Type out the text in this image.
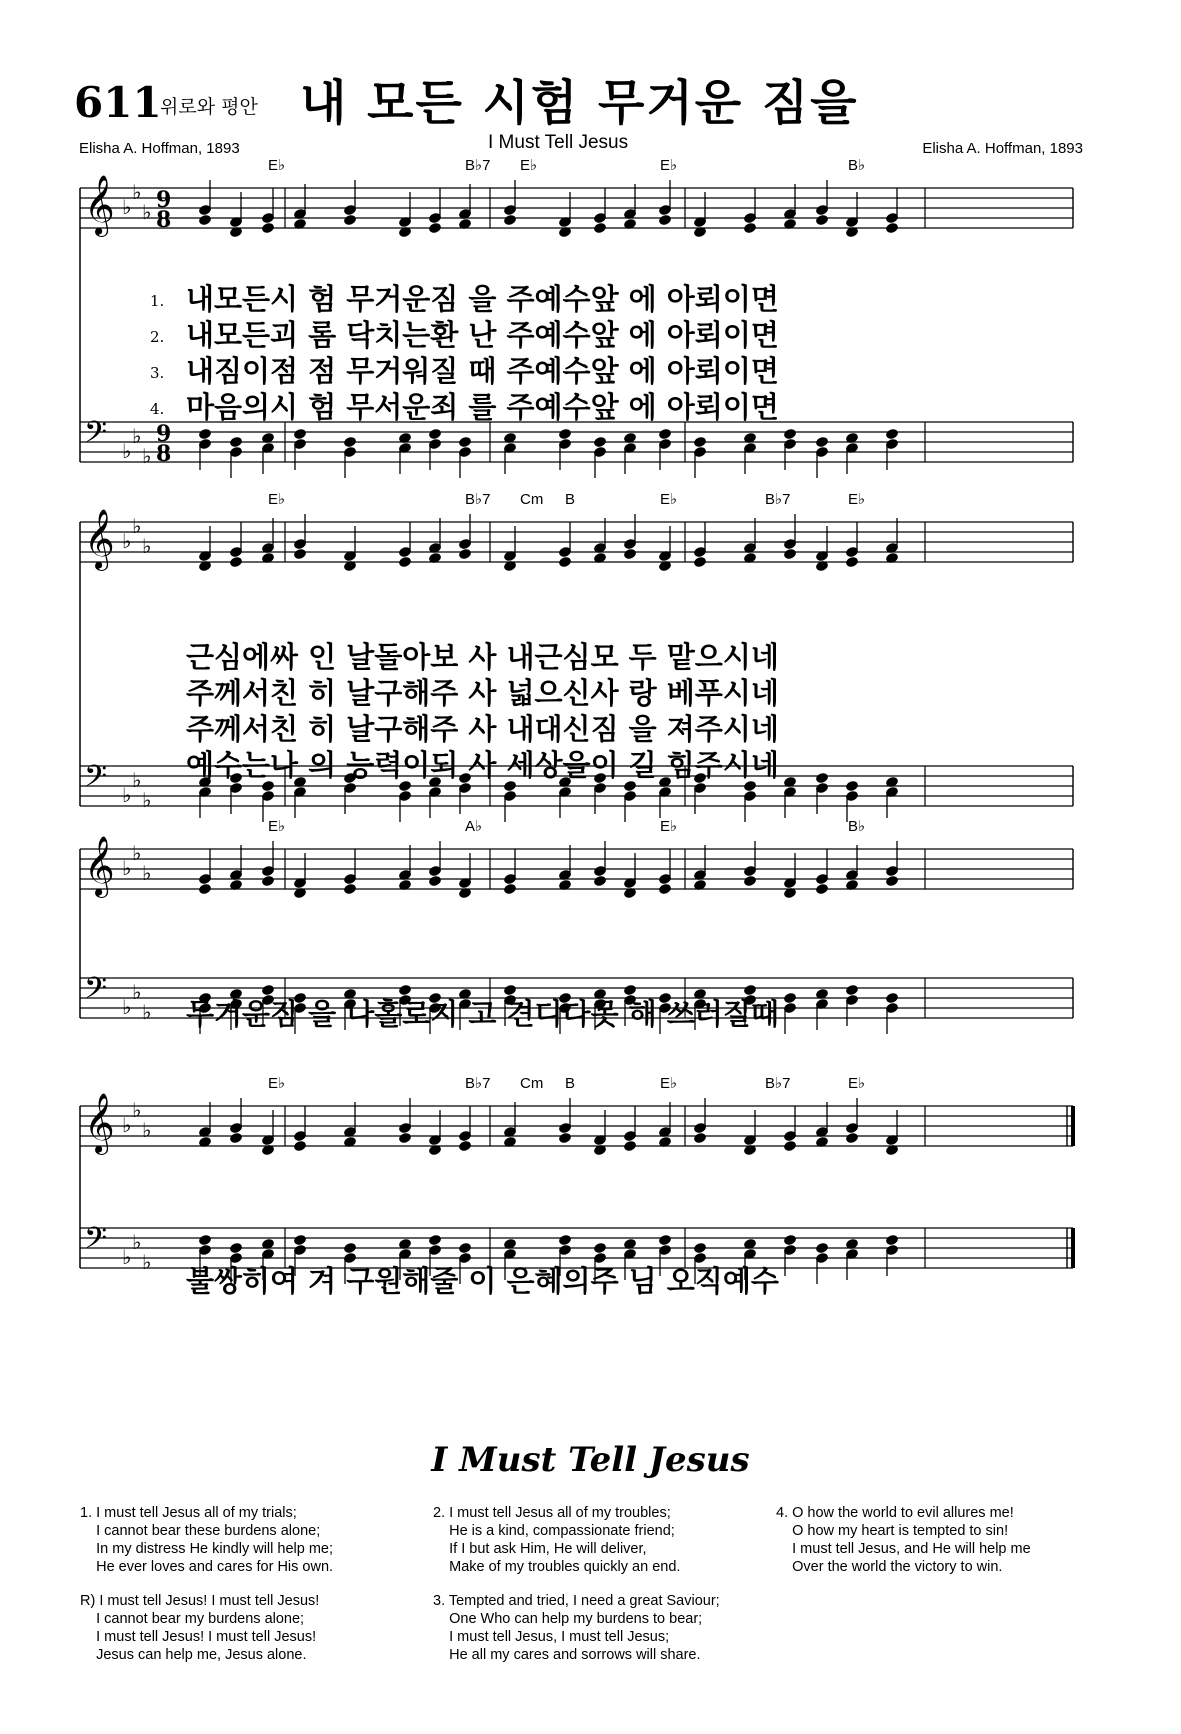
611
위로와 평안 내 모든 시험 무거운 짐을
Elisha A. Hoffman, 1893	I Must Tell Jesus	Elisha A. Hoffman, 1893
𝄞 ♭
♭
♭
𝄢 ♭
♭
♭
9
8
9
8
E♭	B♭7 E♭	E♭	B♭
𝄞 ♭
♭
♭
𝄢 ♭
♭
♭
E♭	B♭7 Cm B	E♭	B♭7	E♭
𝄞 ♭
♭
♭
𝄢 ♭
♭
♭
E♭	A♭	E♭	B♭
𝄞 ♭
♭
♭
𝄢 ♭
♭
♭
E♭	B♭7 Cm B	E♭	B♭7	E♭
1. 내모든시 험 무거운짐 을 주예수앞 에 아뢰이면
2. 내모든괴 롬 닥치는환 난 주예수앞 에 아뢰이면
3. 내짐이점 점 무거워질 때 주예수앞 에 아뢰이면
4. 마음의시 험 무서운죄 를 주예수앞 에 아뢰이면
근심에싸 인 날돌아보 사 내근심모 두 맡으시네
주께서친 히 날구해주 사 넓으신사 랑 베푸시네
주께서친 히 날구해주 사 내대신짐 을 져주시네
예수는나 의 능력이되 사 세상을이 길 힘주시네
무거운짐 을 나홀로지 고 견디다못 해 쓰러질때
불쌍히여 겨 구원해줄 이 은혜의주 님 오직예수
I Must Tell Jesus
1. I must tell Jesus all of my trials;
I cannot bear these burdens alone;
In my distress He kindly will help me;
He ever loves and cares for His own.
R) I must tell Jesus! I must tell Jesus!
I cannot bear my burdens alone;
I must tell Jesus! I must tell Jesus!
Jesus can help me, Jesus alone.
2. I must tell Jesus all of my troubles;
He is a kind, compassionate friend;
If I but ask Him, He will deliver,
Make of my troubles quickly an end.
3. Tempted and tried, I need a great Saviour;
One Who can help my burdens to bear;
I must tell Jesus, I must tell Jesus;
He all my cares and sorrows will share.
4. O how the world to evil allures me!
O how my heart is tempted to sin!
I must tell Jesus, and He will help me
Over the world the victory to win.
